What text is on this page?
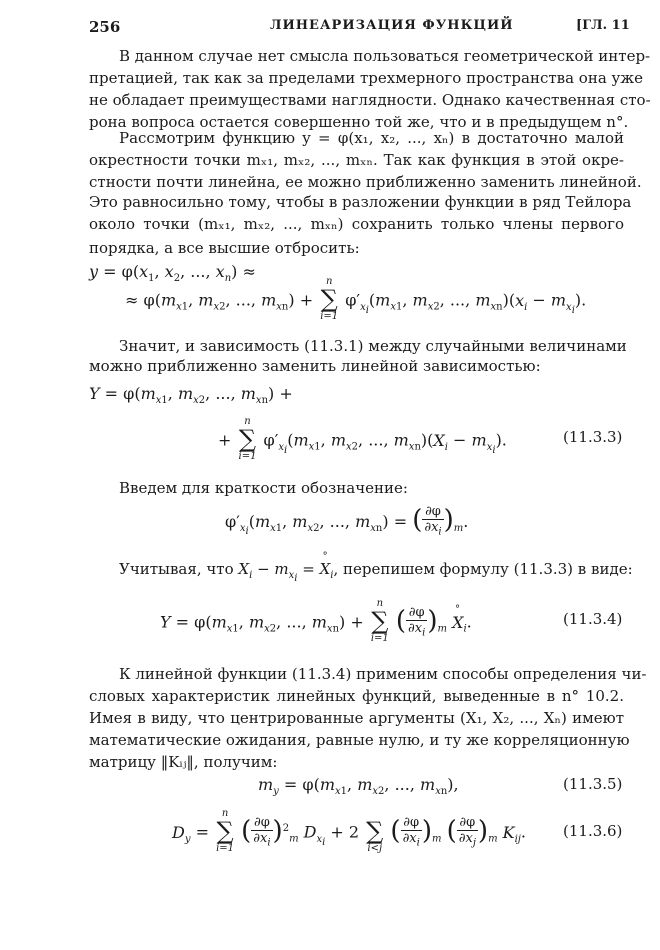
256	ЛИНЕАРИЗАЦИЯ ФУНКЦИЙ	[ГЛ. 11
В данном случае нет смысла пользоваться геометрической интер-
претацией, так как за пределами трехмерного пространства она уже
не обладает преимуществами наглядности. Однако качественная сто-
рона вопроса остается совершенно той же, что и в предыдущем n°.
Рассмотрим функцию y = φ(x₁, x₂, ..., xₙ) в достаточно малой
окрестности точки mₓ₁, mₓ₂, ..., mₓₙ. Так как функция в этой окре-
стности почти линейна, ее можно приближенно заменить линейной.
Это равносильно тому, чтобы в разложении функции в ряд Тейлора
около точки (mₓ₁, mₓ₂, ..., mₓₙ) сохранить только члены первого
порядка, а все высшие отбросить:
$y = \varphi(x_1$, $x_2$, ..., $x_n$) ≈
≈ $\varphi(m_{x1}$, $m_{x2}$, ..., $m_{xn}$) +
n
∑
i=1
$\varphi'_{x_i}(m_{x1}$, $m_{x2}$, ..., $m_{xn})(x_i - m_{x_i})$.
Значит, и зависимость (11.3.1) между случайными величинами
можно приближенно заменить линейной зависимостью:
$Y = \varphi(m_{x1}$, $m_{x2}$, ..., $m_{xn}$) +
+
n
∑
i=1
$\varphi'_{x_i}(m_{x1}$, $m_{x2}$, ..., $m_{xn})(X_i - m_{x_i})$.	(11.3.3)
Введем для краткости обозначение:
$\varphi'_{x_i}(m_{x1}$, $m_{x2}$, ..., $m_{xn}$) = ( $\frac{\partial\varphi}{\partial x_i} )_m$.
Учитывая, что $X_i - m_{x_i}$ = ° $X_i$, перепишем формулу (11.3.3) в виде:
$Y = \varphi(m_{x1}$, $m_{x2}$, ..., $m_{xn}$) +
n
∑
i=1
( $\frac{\partial\varphi}{\partial x_i} )_m$ ° $X_i$.	(11.3.4)
К линейной функции (11.3.4) применим способы определения чи-
словых характеристик линейных функций, выведенные в n° 10.2.
Имея в виду, что центрированные аргументы (X₁, X₂, ..., Xₙ) имеют
математические ожидания, равные нулю, и ту же корреляционную
матрицу ‖Kᵢⱼ‖, получим:
$m_y = \varphi(m_{x1}$, $m_{x2}$, ..., $m_{xn}$),	(11.3.5)
$D_y$ =
n
∑
i=1
( $\frac{\partial\varphi}{\partial x_i} )^2_m$ $D_{x_i} + 2$
∑
i<j
( $\frac{\partial\varphi}{\partial x_i} )_m$ ( $\frac{\partial\varphi}{\partial x_j} )_m$ $K_{ij}$. (11.3.6)
